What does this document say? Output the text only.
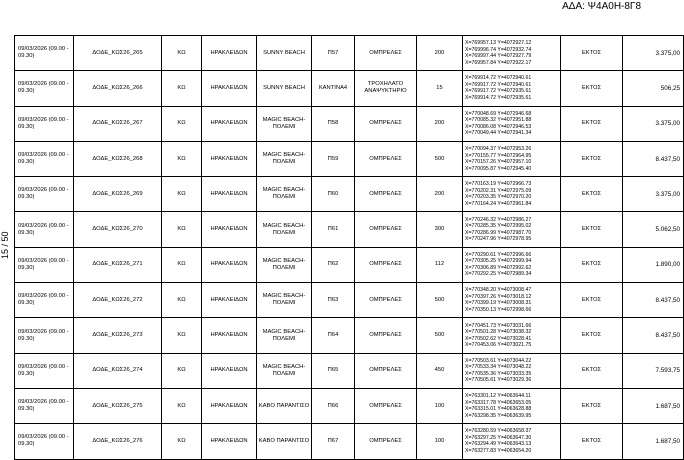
ΑΔΑ: Ψ4Α0Η-8Γ8
15 / 50
09/03/2026 (09.00 - 09.30)	ΔΟΔΕ_ΚΩΣ26_265	ΚΩ	ΗΡΑΚΛΕΙΔΩΝ	SUNNY BEACH	Π57	ΟΜΠΡΕΛΕΣ	200	X=769957.13 Y=4072927.12
X=769996.74 Y=4072932.74
X=769997.44 Y=4072927.79
X=769957.84 Y=4072922.17	ΕΚΤΟΣ	3.375,00
09/03/2026 (09.00 - 09.30)	ΔΟΔΕ_ΚΩΣ26_266	ΚΩ	ΗΡΑΚΛΕΙΔΩΝ	SUNNY BEACH	ΚΑΝΤΙΝΑ4	ΤΡΟΧΗΛΑΤΟ ΑΝΑΨΥΚΤΗΡΙΟ	15	X=769914.72 Y=4072940.61
X=769917.72 Y=4072940.61
X=769917.72 Y=4072935.61
X=769914.72 Y=4072935.61	ΕΚΤΟΣ	506,25
09/03/2026 (09.00 - 09.30)	ΔΟΔΕ_ΚΩΣ26_267	ΚΩ	ΗΡΑΚΛΕΙΔΩΝ	MAGIC BEACH-ΠΟΛΕΜΙ	Π58	ΟΜΠΡΕΛΕΣ	200	X=770048.69 Y=4072946.68
X=770085.32 Y=4072951.88
X=770086.08 Y=4072946.53
X=770049.44 Y=4072941.34	ΕΚΤΟΣ	3.375,00
09/03/2026 (09.00 - 09.30)	ΔΟΔΕ_ΚΩΣ26_268	ΚΩ	ΗΡΑΚΛΕΙΔΩΝ	MAGIC BEACH-ΠΟΛΕΜΙ	Π59	ΟΜΠΡΕΛΕΣ	500	X=770094.37 Y=4072953.26
X=770155.77 Y=4072964.95
X=770157.26 Y=4072957.10
X=770095.87 Y=4072945.40	ΕΚΤΟΣ	8.437,50
09/03/2026 (09.00 - 09.30)	ΔΟΔΕ_ΚΩΣ26_269	ΚΩ	ΗΡΑΚΛΕΙΔΩΝ	MAGIC BEACH-ΠΟΛΕΜΙ	Π60	ΟΜΠΡΕΛΕΣ	200	X=770163.19 Y=4072966.73
X=770202.31 Y=4072975.09
X=770203.35 Y=4072970.20
X=770164.24 Y=4072961.84	ΕΚΤΟΣ	3.375,00
09/03/2026 (09.00 - 09.30)	ΔΟΔΕ_ΚΩΣ26_270	ΚΩ	ΗΡΑΚΛΕΙΔΩΝ	MAGIC BEACH-ΠΟΛΕΜΙ	Π61	ΟΜΠΡΕΛΕΣ	300	X=770246.32 Y=4072986.27
X=770285.35 Y=4072995.02
X=770286.99 Y=4072987.70
X=770247.96 Y=4072978.95	ΕΚΤΟΣ	5.062,50
09/03/2026 (09.00 - 09.30)	ΔΟΔΕ_ΚΩΣ26_271	ΚΩ	ΗΡΑΚΛΕΙΔΩΝ	MAGIC BEACH-ΠΟΛΕΜΙ	Π62	ΟΜΠΡΕΛΕΣ	112	X=770290.61 Y=4072996.66
X=770305.25 Y=4072999.94
X=770306.89 Y=4072992.62
X=770292.25 Y=4072989.34	ΕΚΤΟΣ	1.890,00
09/03/2026 (09.00 - 09.30)	ΔΟΔΕ_ΚΩΣ26_272	ΚΩ	ΗΡΑΚΛΕΙΔΩΝ	MAGIC BEACH-ΠΟΛΕΜΙ	Π63	ΟΜΠΡΕΛΕΣ	500	X=770348.20 Y=4073008.47
X=770397.26 Y=4073018.12
X=770399.19 Y=4073008.31
X=770350.13 Y=4072998.66	ΕΚΤΟΣ	8.437,50
09/03/2026 (09.00 - 09.30)	ΔΟΔΕ_ΚΩΣ26_273	ΚΩ	ΗΡΑΚΛΕΙΔΩΝ	MAGIC BEACH-ΠΟΛΕΜΙ	Π64	ΟΜΠΡΕΛΕΣ	500	X=770451.73 Y=4073031.66
X=770501.28 Y=4073038.32
X=770502.62 Y=4073028.41
X=770453.06 Y=4073021.75	ΕΚΤΟΣ	8.437,50
09/03/2026 (09.00 - 09.30)	ΔΟΔΕ_ΚΩΣ26_274	ΚΩ	ΗΡΑΚΛΕΙΔΩΝ	MAGIC BEACH-ΠΟΛΕΜΙ	Π65	ΟΜΠΡΕΛΕΣ	450	X=770503.61 Y=4073044.22
X=770533.34 Y=4073048.22
X=770535.36 Y=4073033.35
X=770505.61 Y=4073029.36	ΕΚΤΟΣ	7.593,75
09/03/2026 (09.00 - 09.30)	ΔΟΔΕ_ΚΩΣ26_275	ΚΩ	ΗΡΑΚΛΕΙΔΩΝ	ΚΑΒΟ ΠΑΡΑΝΤΙΣΟ	Π66	ΟΜΠΡΕΛΕΣ	100	X=763301.12 Y=4063644.11
X=763317.78 Y=4063653.05
X=763315.01 Y=4063628.88
X=763298.35 Y=4063639.95	ΕΚΤΟΣ	1.687,50
09/03/2026 (09.00 - 09.30)	ΔΟΔΕ_ΚΩΣ26_276	ΚΩ	ΗΡΑΚΛΕΙΔΩΝ	ΚΑΒΟ ΠΑΡΑΝΤΙΣΟ	Π67	ΟΜΠΡΕΛΕΣ	100	X=763280.59 Y=4063658.37
X=763297.25 Y=4063647.30
X=763294.49 Y=4063643.13
X=763277.83 Y=4063654.20	ΕΚΤΟΣ	1.687,50
